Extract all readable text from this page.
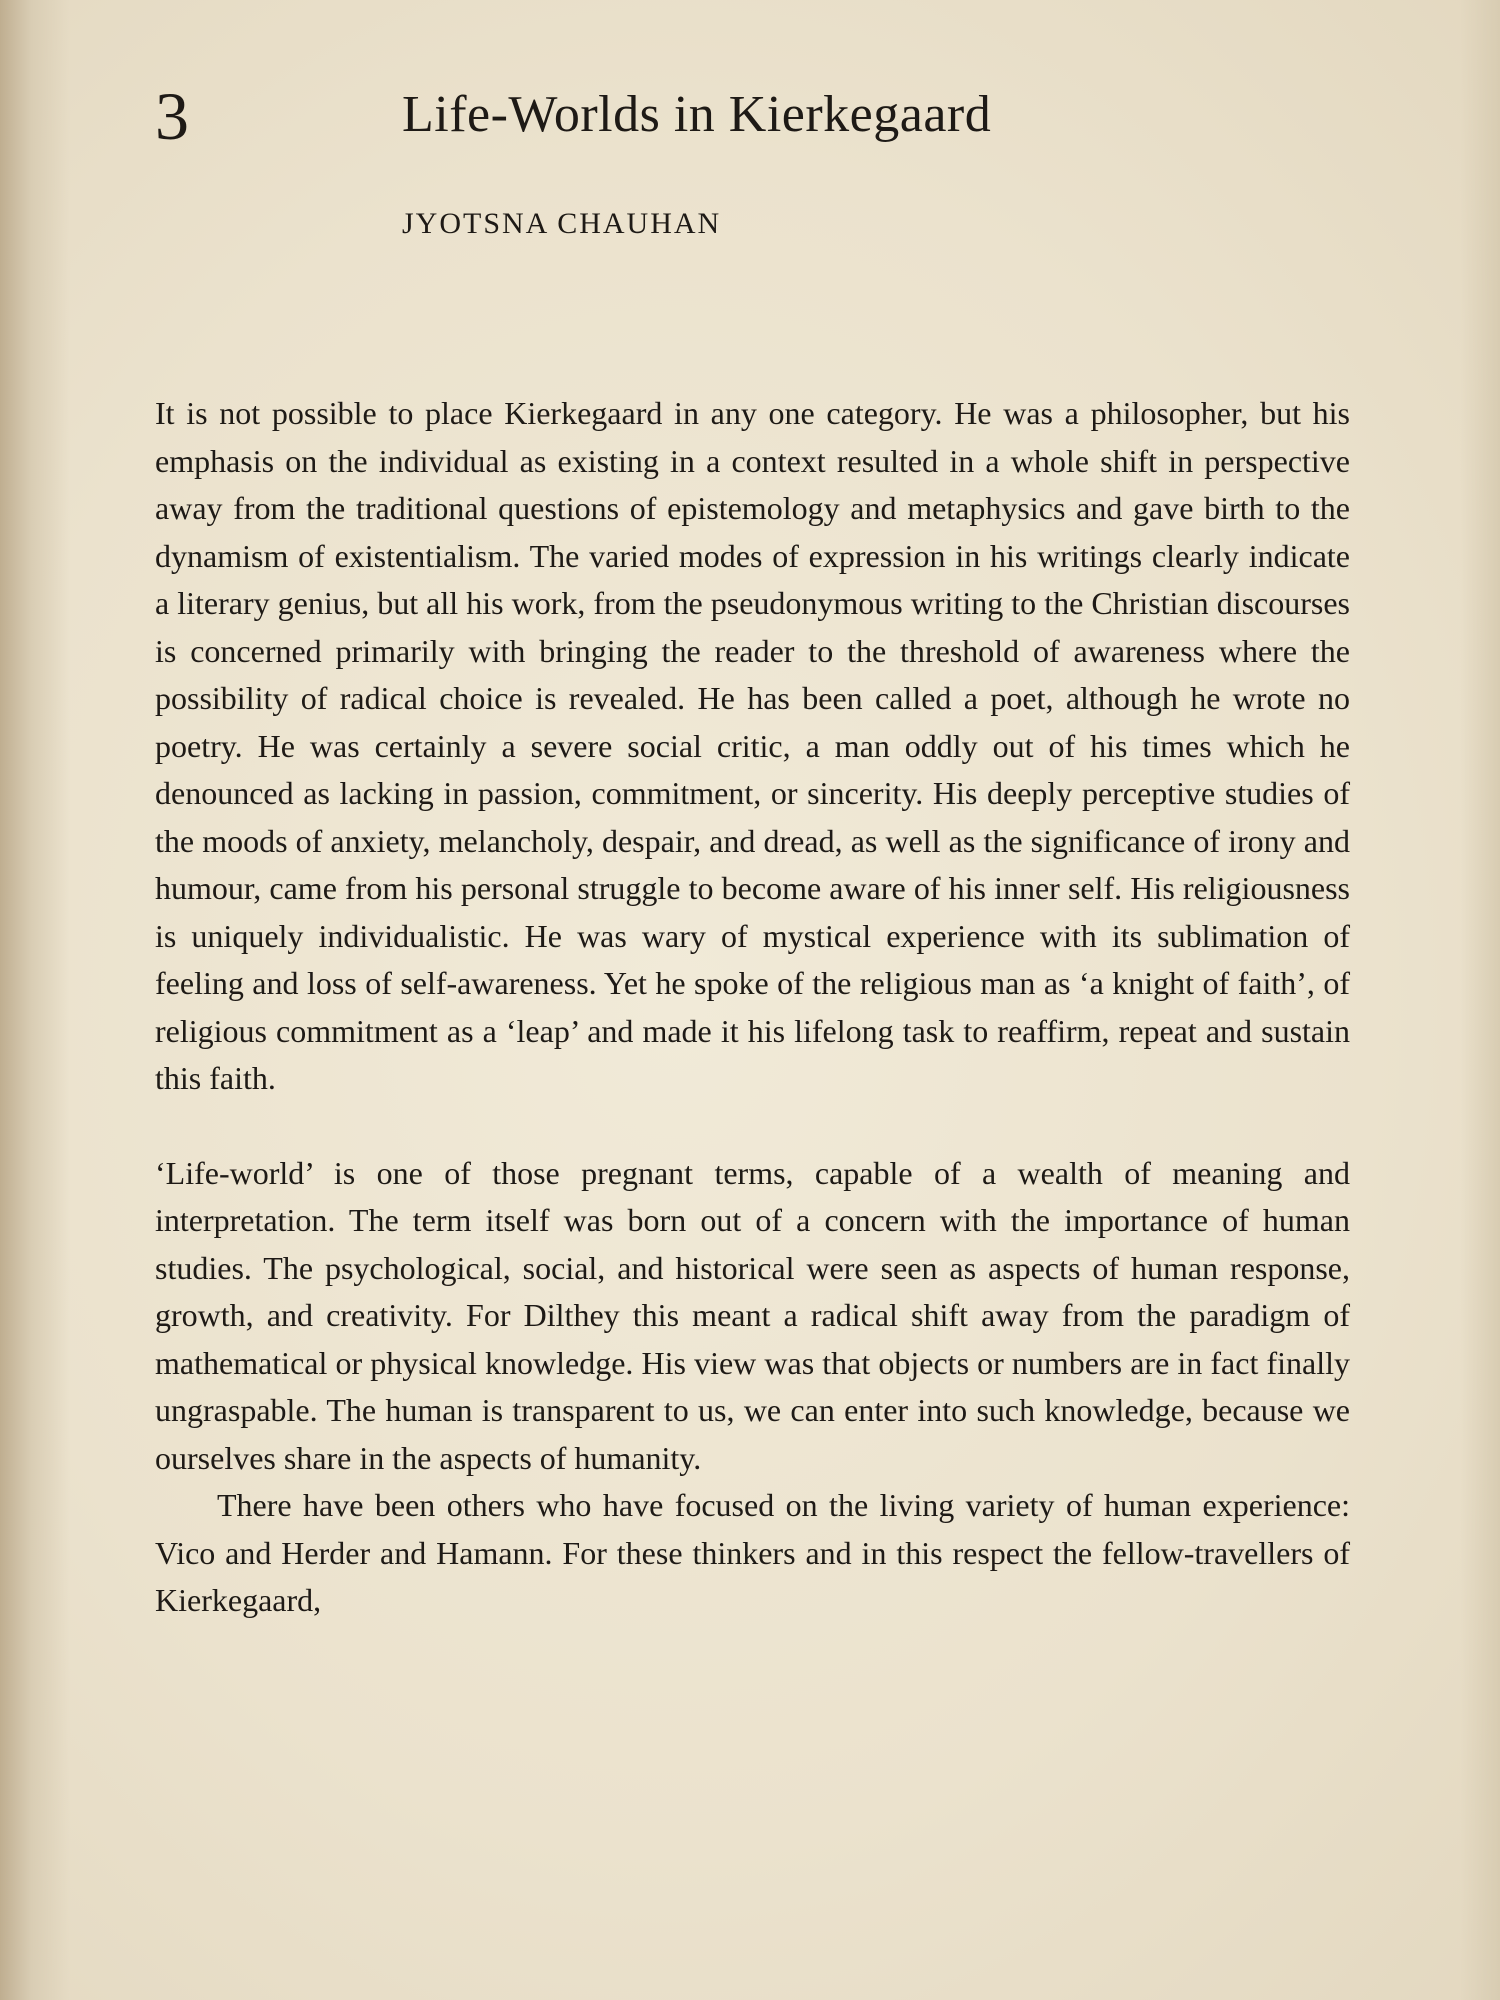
3	Life-Worlds in Kierkegaard
JYOTSNA CHAUHAN

It is not possible to place Kierkegaard in any one category. He was a philosopher, but his emphasis on the individual as existing in a context resulted in a whole shift in perspective away from the traditional questions of epistemology and metaphysics and gave birth to the dynamism of existentialism. The varied modes of expression in his writings clearly indicate a literary genius, but all his work, from the pseudonymous writing to the Christian discourses is concerned primarily with bringing the reader to the threshold of awareness where the possibility of radical choice is revealed. He has been called a poet, although he wrote no poetry. He was certainly a severe social critic, a man oddly out of his times which he denounced as lacking in passion, commitment, or sincerity. His deeply perceptive studies of the moods of anxiety, melancholy, despair, and dread, as well as the significance of irony and humour, came from his personal struggle to become aware of his inner self. His religiousness is uniquely individualistic. He was wary of mystical experience with its sublimation of feeling and loss of self-awareness. Yet he spoke of the religious man as ‘a knight of faith’, of religious commitment as a ‘leap’ and made it his lifelong task to reaffirm, repeat and sustain this faith.

‘Life-world’ is one of those pregnant terms, capable of a wealth of meaning and interpretation. The term itself was born out of a concern with the importance of human studies. The psychological, social, and historical were seen as aspects of human response, growth, and creativity. For Dilthey this meant a radical shift away from the paradigm of mathematical or physical knowledge. His view was that objects or numbers are in fact finally ungraspable. The human is transparent to us, we can enter into such knowledge, because we ourselves share in the aspects of humanity.

There have been others who have focused on the living variety of human experience: Vico and Herder and Hamann. For these thinkers and in this respect the fellow-travellers of Kierkegaard,
